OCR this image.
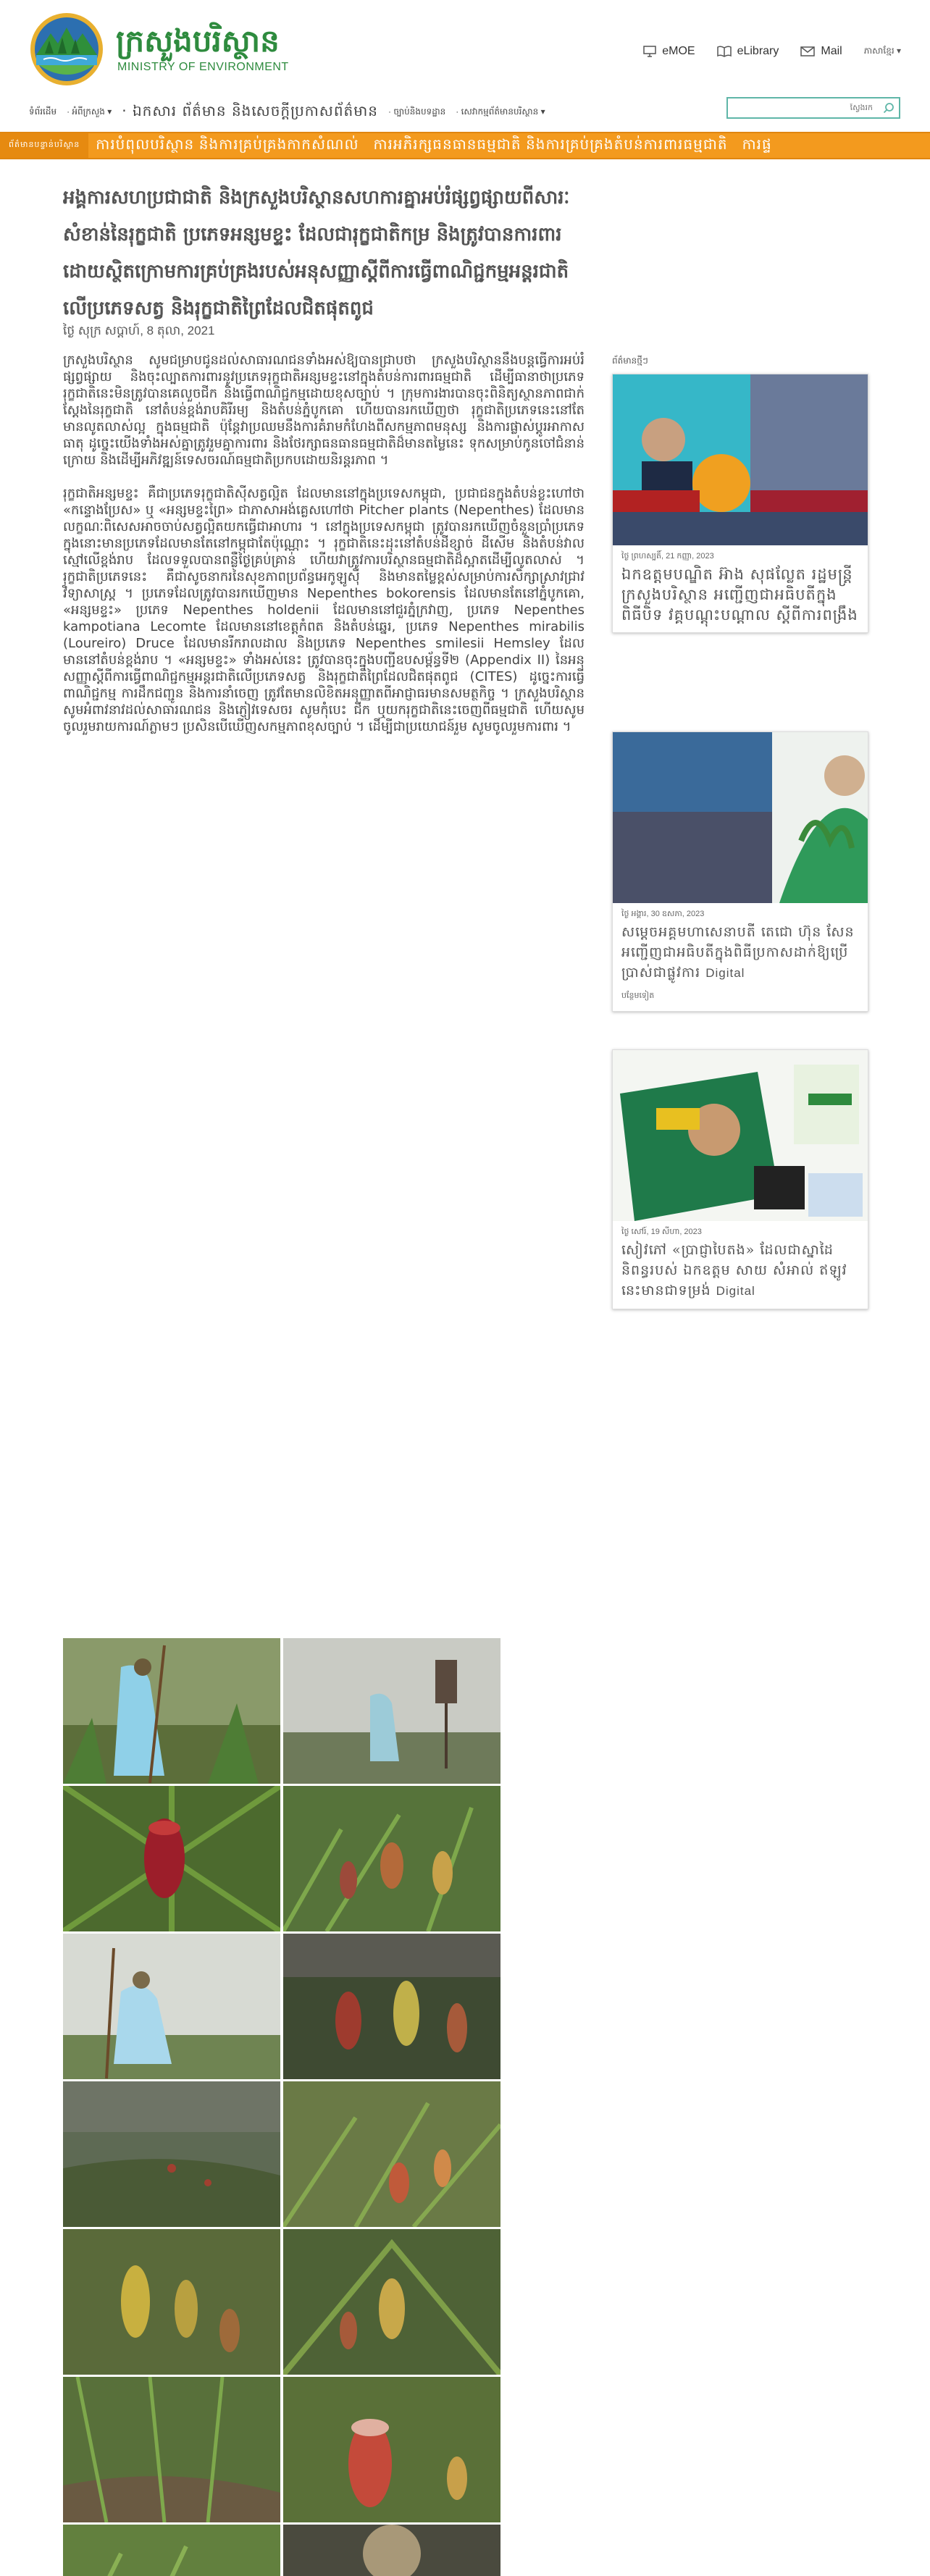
ក្រសួងបរិស្ថាន
MINISTRY OF ENVIRONMENT
eMOE	eLibrary	Mail	ភាសាខ្មែរ ▾
ទំព័រដើម · អំពីក្រសួង ▾ · ឯកសារ ព័ត៌មាន និងសេចក្ដីប្រកាសព័ត៌មាន · ច្បាប់និងបទដ្ឋាន · សេវាកម្មព័ត៌មានបរិស្ថាន ▾
ស្វែងរក
ព័ត៌មានបន្ទាន់បរិស្ថាន	ការបំពុលបរិស្ថាន និងការគ្រប់គ្រងកាកសំណល់	ការអភិរក្សធនធានធម្មជាតិ និងការគ្រប់គ្រងតំបន់ការពារធម្មជាតិ	ការផ្ទ
អង្គការសហប្រជាជាតិ និងក្រសួងបរិស្ថានសហការគ្នាអប់រំផ្សព្វផ្សាយពីសារៈសំខាន់នៃរុក្ខជាតិ ប្រភេទអន្សមខ្ទះ ដែលជារុក្ខជាតិកម្រ និងត្រូវបានការពារ ដោយស្ថិតក្រោមការគ្រប់គ្រងរបស់អនុសញ្ញាស្ដីពីការធ្វើពាណិជ្ជកម្មអន្តរជាតិ លើប្រភេទសត្វ និងរុក្ខជាតិព្រៃដែលជិតផុតពូជ
ថ្ងៃ សុក្រ សប្តាហ៍, 8 តុលា, 2021

ក្រសួងបរិស្ថាន សូមជម្រាបជូនដល់សាធារណជនទាំងអស់ឱ្យបានជ្រាបថា ក្រសួងបរិស្ថាននឹងបន្តធ្វើការអប់រំផ្សព្វផ្សាយ និងចុះល្បាតការពារនូវប្រភេទរុក្ខជាតិអន្សមខ្ទះនៅក្នុងតំបន់ការពារធម្មជាតិ ដើម្បីធានាថាប្រភេទរុក្ខជាតិនេះមិនត្រូវបានគេលួចជីក និងធ្វើពាណិជ្ជកម្មដោយខុសច្បាប់ ។ ក្រុមការងារបានចុះពិនិត្យស្ថានភាពជាក់ស្ដែងនៃរុក្ខជាតិ នៅតំបន់ខ្ពង់រាបគិរីរម្យ និងតំបន់ភ្នំបូកគោ ហើយបានរកឃើញថា រុក្ខជាតិប្រភេទនេះនៅតែមានលូតលាស់ល្អ ក្នុងធម្មជាតិ ប៉ុន្តែវាប្រឈមនឹងការគំរាមកំហែងពីសកម្មភាពមនុស្ស និងការផ្លាស់ប្តូរអាកាសធាតុ ដូច្នេះយើងទាំងអស់គ្នាត្រូវរួមគ្នាការពារ និងថែរក្សាធនធានធម្មជាតិដ៏មានតម្លៃនេះ ទុកសម្រាប់កូនចៅជំនាន់ក្រោយ និងដើម្បីអភិវឌ្ឍន៍ទេសចរណ៍ធម្មជាតិប្រកបដោយនិរន្តរភាព ។

រុក្ខជាតិអន្សមខ្ទះ គឺជាប្រភេទរុក្ខជាតិស៊ីសត្វល្អិត ដែលមាននៅក្នុងប្រទេសកម្ពុជា, ប្រជាជនក្នុងតំបន់ខ្លះហៅថា «កន្ទោងប្រែស» ឬ «អន្សមខ្ទះព្រៃ» ជាភាសាអង់គ្លេសហៅថា Pitcher plants (Nepenthes) ដែលមានលក្ខណៈពិសេសអាចចាប់សត្វល្អិតយកធ្វើជាអាហារ ។ នៅក្នុងប្រទេសកម្ពុជា ត្រូវបានរកឃើញចំនួនប្រាំប្រភេទ ក្នុងនោះមានប្រភេទដែលមានតែនៅកម្ពុជាតែប៉ុណ្ណោះ ។ រុក្ខជាតិនេះដុះនៅតំបន់ដីខ្សាច់ ដីសើម និងតំបន់វាលស្មៅលើខ្ពង់រាប ដែលទទួលបានពន្លឺថ្ងៃគ្រប់គ្រាន់ ហើយវាត្រូវការបរិស្ថានធម្មជាតិដ៏ស្អាតដើម្បីលូតលាស់ ។ រុក្ខជាតិប្រភេទនេះ គឺជាសូចនាករនៃសុខភាពប្រព័ន្ធអេកូឡូស៊ី និងមានតម្លៃខ្ពស់សម្រាប់ការសិក្សាស្រាវជ្រាវវិទ្យាសាស្ត្រ ។ ប្រភេទដែលត្រូវបានរកឃើញមាន Nepenthes bokorensis ដែលមានតែនៅភ្នំបូកគោ, «អន្សមខ្ទះ» ប្រភេទ Nepenthes holdenii ដែលមាននៅជួរភ្នំក្រវាញ, ប្រភេទ Nepenthes kampotiana Lecomte ដែលមាននៅខេត្តកំពត និងតំបន់ឆ្នេរ, ប្រភេទ Nepenthes mirabilis (Loureiro) Druce ដែលមានរីករាលដាល និងប្រភេទ Nepenthes smilesii Hemsley ដែលមាននៅតំបន់ខ្ពង់រាប ។ «អន្សមខ្ទះ» ទាំងអស់នេះ ត្រូវបានចុះក្នុងបញ្ជីឧបសម្ព័ន្ធទី២ (Appendix II) នៃអនុសញ្ញាស្ដីពីការធ្វើពាណិជ្ជកម្មអន្តរជាតិលើប្រភេទសត្វ និងរុក្ខជាតិព្រៃដែលជិតផុតពូជ (CITES) ដូច្នេះការធ្វើពាណិជ្ជកម្ម ការដឹកជញ្ជូន និងការនាំចេញ ត្រូវតែមានលិខិតអនុញ្ញាតពីអាជ្ញាធរមានសមត្ថកិច្ច ។ ក្រសួងបរិស្ថាន សូមអំពាវនាវដល់សាធារណជន និងភ្ញៀវទេសចរ សូមកុំបេះ ជីក ឬយករុក្ខជាតិនេះចេញពីធម្មជាតិ ហើយសូមចូលរួមរាយការណ៍ភ្លាមៗ ប្រសិនបើឃើញសកម្មភាពខុសច្បាប់ ។ ដើម្បីជាប្រយោជន៍រួម សូមចូលរួមការពារ ។

ព័ត៌មានថ្មីៗ
ថ្ងៃ ព្រហស្បតិ៍, 21 កញ្ញា, 2023
ឯកឧត្តមបណ្ឌិត អ៊ាង សុផល្លែត រដ្ឋមន្ត្រីក្រសួងបរិស្ថាន អញ្ជើញជាអធិបតីក្នុងពិធីបិទ វគ្គបណ្ដុះបណ្ដាល ស្ដីពីការពង្រឹង
ថ្ងៃ អង្គារ, 30 ឧសភា, 2023
សម្ដេចអគ្គមហាសេនាបតី តេជោ ហ៊ុន សែន អញ្ជើញជាអធិបតីក្នុងពិធីប្រកាសដាក់ឱ្យប្រើប្រាស់ជាផ្លូវការ Digital
បន្ថែមទៀត
ថ្ងៃ សៅរ៍, 19 សីហា, 2023
សៀវភៅ «ប្រាជ្ញាបៃតង» ដែលជាស្នាដៃនិពន្ធរបស់ ឯកឧត្តម សាយ សំអាល់ ឥឡូវនេះមានជាទម្រង់ Digital
